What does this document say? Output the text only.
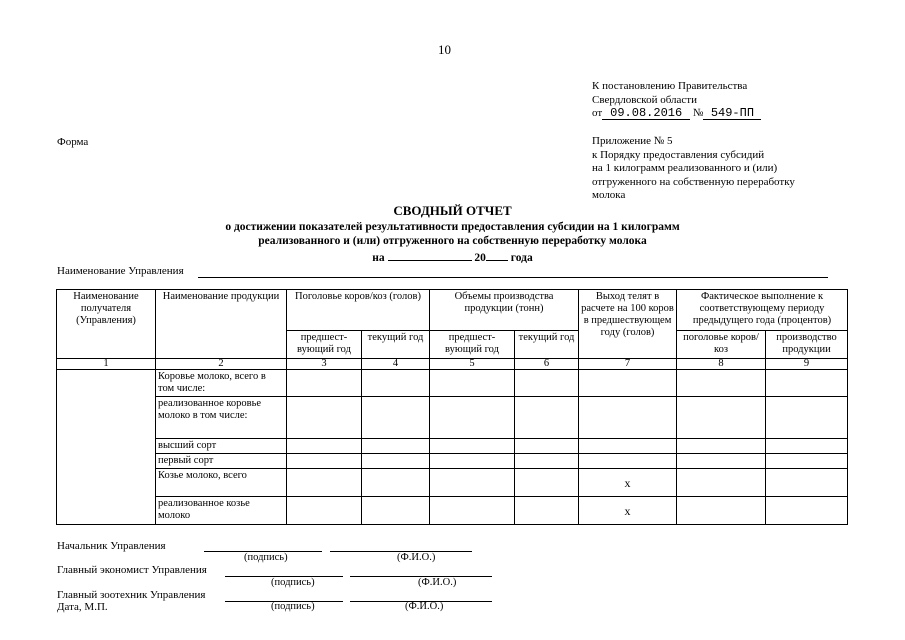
10
К постановлению Правительства
Свердловской области
от 09.08.2016 № 549-ПП
Форма	Приложение № 5
к Порядку предоставления субсидий
на 1 килограмм реализованного и (или)
отгруженного на собственную переработку
молока
СВОДНЫЙ ОТЧЕТ
о достижении показателей результативности предоставления субсидии на 1 килограмм
реализованного и (или) отгруженного на собственную переработку молока
на	20 года
Наименование Управления
Наименование получателя (Управления)	Наименование продукции	Поголовье коров/коз (голов)		Объемы производства продукции (тонн)		Выход телят в расчете на 100 коров в предшествующем году (голов)	Фактическое выполнение к соответствующему периоду предыдущего года (процентов)	
		предшест- вующий год	текущий год	предшест- вующий год	текущий год		поголовье коров/коз	производство продукции
1	2	3	4	5	6	7	8	9
	Коровье молоко, всего в том числе:							
	реализованное коровье молоко в том числе:							
	высший сорт							
	первый сорт							
	Козье молоко, всего					x		
	реализованное козье молоко					x		
Начальник Управления
(подпись)	(Ф.И.О.)
Главный экономист Управления
(подпись)	(Ф.И.О.)
Главный зоотехник Управления
Дата, М.П.	(подпись)	(Ф.И.О.)
